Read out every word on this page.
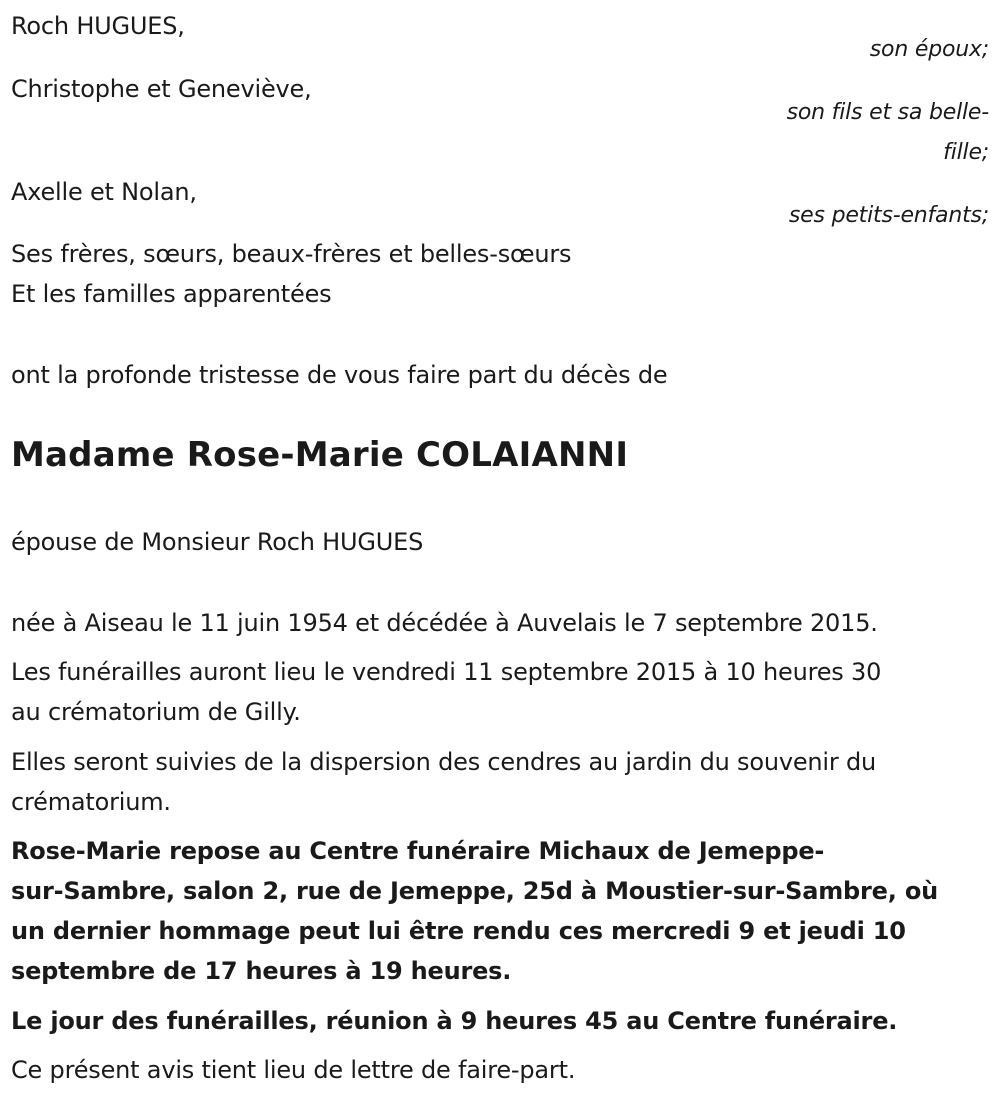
Roch HUGUES,
son époux;
Christophe et Geneviève,
son fils et sa belle-
fille;
Axelle et Nolan,
ses petits-enfants;
Ses frères, sœurs, beaux-frères et belles-sœurs
Et les familles apparentées
ont la profonde tristesse de vous faire part du décès de
Madame Rose-Marie COLAIANNI
épouse de Monsieur Roch HUGUES
née à Aiseau le 11 juin 1954 et décédée à Auvelais le 7 septembre 2015.
Les funérailles auront lieu le vendredi 11 septembre 2015 à 10 heures 30
au crématorium de Gilly.
Elles seront suivies de la dispersion des cendres au jardin du souvenir du
crématorium.
Rose-Marie repose au Centre funéraire Michaux de Jemeppe-
sur-Sambre, salon 2, rue de Jemeppe, 25d à Moustier-sur-Sambre, où
un dernier hommage peut lui être rendu ces mercredi 9 et jeudi 10
septembre de 17 heures à 19 heures.
Le jour des funérailles, réunion à 9 heures 45 au Centre funéraire.
Ce présent avis tient lieu de lettre de faire-part.
